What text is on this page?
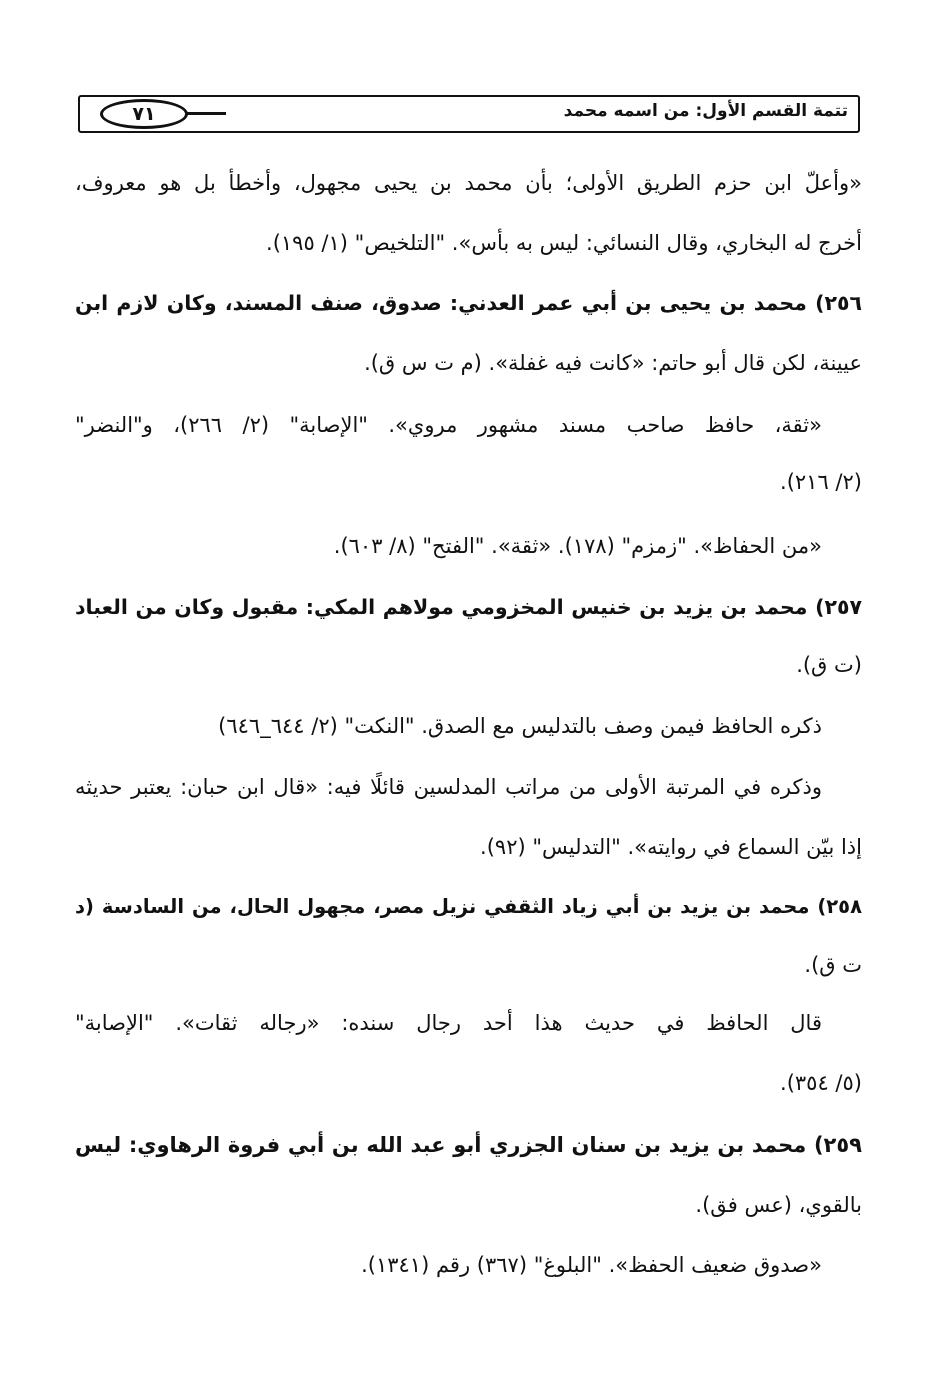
تتمة القسم الأول: من اسمه محمد
٧١
«وأعلّ ابن حزم الطريق الأولى؛ بأن محمد بن يحيى مجهول، وأخطأ بل هو معروف،
أخرج له البخاري، وقال النسائي: ليس به بأس». "التلخيص" (١/ ١٩٥).
٢٥٦) محمد بن يحيى بن أبي عمر العدني: صدوق، صنف المسند، وكان لازم ابن
عيينة، لكن قال أبو حاتم: «كانت فيه غفلة». (م ت س ق).
«ثقة، حافظ صاحب مسند مشهور مروي». "الإصابة" (٢/ ٢٦٦)، و"النضر"
(٢/ ٢١٦).
«من الحفاظ». "زمزم" (١٧٨). «ثقة». "الفتح" (٨/ ٦٠٣).
٢٥٧) محمد بن يزيد بن خنيس المخزومي مولاهم المكي: مقبول وكان من العباد
(ت ق).
ذكره الحافظ فيمن وصف بالتدليس مع الصدق. "النكت" (٢/ ٦٤٤_٦٤٦)
وذكره في المرتبة الأولى من مراتب المدلسين قائلًا فيه: «قال ابن حبان: يعتبر حديثه
إذا بيّن السماع في روايته». "التدليس" (٩٢).
٢٥٨) محمد بن يزيد بن أبي زياد الثقفي نزيل مصر، مجهول الحال، من السادسة (د
ت ق).
قال الحافظ في حديث هذا أحد رجال سنده: «رجاله ثقات». "الإصابة"
(٥/ ٣٥٤).
٢٥٩) محمد بن يزيد بن سنان الجزري أبو عبد الله بن أبي فروة الرهاوي: ليس
بالقوي، (عس فق).
«صدوق ضعيف الحفظ». "البلوغ" (٣٦٧) رقم (١٣٤١).
